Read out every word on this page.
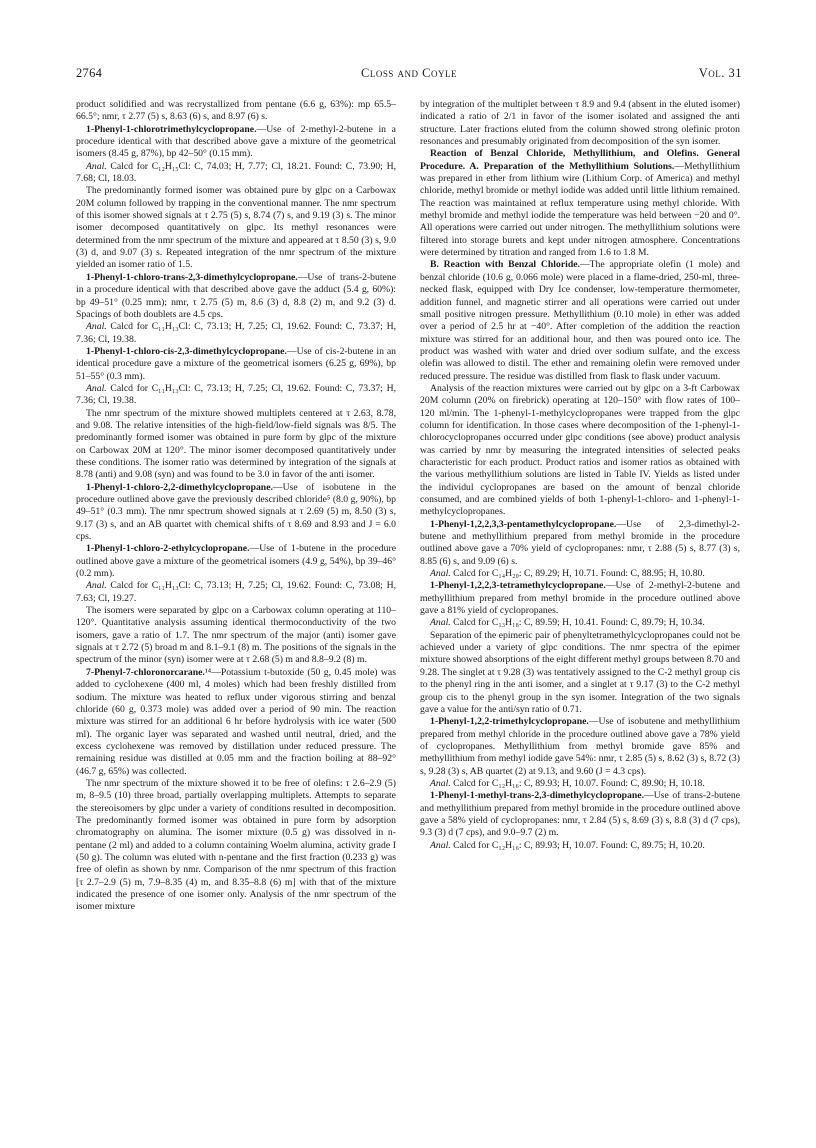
2764	Closs and Coyle	Vol. 31

product solidified and was recrystallized from pentane (6.6 g, 63%): mp 65.5–66.5°; nmr, τ 2.77 (5) s, 8.63 (6) s, and 8.97 (6) s.

1-Phenyl-1-chlorotrimethylcyclopropane.—Use of 2-methyl-2-butene in a procedure identical with that described above gave a mixture of the geometrical isomers (8.45 g, 87%), bp 42–50° (0.15 mm).

Anal. Calcd for C₁₂H₁₅Cl: C, 74.03; H, 7.77; Cl, 18.21. Found: C, 73.90; H, 7.68; Cl, 18.03.

The predominantly formed isomer was obtained pure by glpc on a Carbowax 20M column followed by trapping in the conventional manner. The nmr spectrum of this isomer showed signals at τ 2.75 (5) s, 8.74 (7) s, and 9.19 (3) s. The minor isomer decomposed quantitatively on glpc. Its methyl resonances were determined from the nmr spectrum of the mixture and appeared at τ 8.50 (3) s, 9.0 (3) d, and 9.07 (3) s. Repeated integration of the nmr spectrum of the mixture yielded an isomer ratio of 1.5.

1-Phenyl-1-chloro-trans-2,3-dimethylcyclopropane.—Use of trans-2-butene in a procedure identical with that described above gave the adduct (5.4 g, 60%): bp 49–51° (0.25 mm); nmr, τ 2.75 (5) m, 8.6 (3) d, 8.8 (2) m, and 9.2 (3) d. Spacings of both doublets are 4.5 cps.

Anal. Calcd for C₁₁H₁₃Cl: C, 73.13; H, 7.25; Cl, 19.62. Found: C, 73.37; H, 7.36; Cl, 19.38.

1-Phenyl-1-chloro-cis-2,3-dimethylcyclopropane.—Use of cis-2-butene in an identical procedure gave a mixture of the geometrical isomers (6.25 g, 69%), bp 51–55° (0.3 mm).

Anal. Calcd for C₁₁H₁₃Cl: C, 73.13; H, 7.25; Cl, 19.62. Found: C, 73.37; H, 7.36; Cl, 19.38.

The nmr spectrum of the mixture showed multiplets centered at τ 2.63, 8.78, and 9.08. The relative intensities of the high-field/low-field signals was 8/5. The predominantly formed isomer was obtained in pure form by glpc of the mixture on Carbowax 20M at 120°. The minor isomer decomposed quantitatively under these conditions. The isomer ratio was determined by integration of the signals at 8.78 (anti) and 9.08 (syn) and was found to be 3.0 in favor of the anti isomer.

1-Phenyl-1-chloro-2,2-dimethylcyclopropane.—Use of isobutene in the procedure outlined above gave the previously described chloride⁵ (8.0 g, 90%), bp 49–51° (0.3 mm). The nmr spectrum showed signals at τ 2.69 (5) m, 8.50 (3) s, 9.17 (3) s, and an AB quartet with chemical shifts of τ 8.69 and 8.93 and J = 6.0 cps.

1-Phenyl-1-chloro-2-ethylcyclopropane.—Use of 1-butene in the procedure outlined above gave a mixture of the geometrical isomers (4.9 g, 54%), bp 39–46° (0.2 mm).

Anal. Calcd for C₁₁H₁₃Cl: C, 73.13; H, 7.25; Cl, 19.62. Found: C, 73.08; H, 7.63; Cl, 19.27.

The isomers were separated by glpc on a Carbowax column operating at 110–120°. Quantitative analysis assuming identical thermoconductivity of the two isomers, gave a ratio of 1.7. The nmr spectrum of the major (anti) isomer gave signals at τ 2.72 (5) broad m and 8.1–9.1 (8) m. The positions of the signals in the spectrum of the minor (syn) isomer were at τ 2.68 (5) m and 8.8–9.2 (8) m.

7-Phenyl-7-chloronorcarane.¹⁴—Potassium t-butoxide (50 g, 0.45 mole) was added to cyclohexene (400 ml, 4 moles) which had been freshly distilled from sodium. The mixture was heated to reflux under vigorous stirring and benzal chloride (60 g, 0.373 mole) was added over a period of 90 min. The reaction mixture was stirred for an additional 6 hr before hydrolysis with ice water (500 ml). The organic layer was separated and washed until neutral, dried, and the excess cyclohexene was removed by distillation under reduced pressure. The remaining residue was distilled at 0.05 mm and the fraction boiling at 88–92° (46.7 g, 65%) was collected.

The nmr spectrum of the mixture showed it to be free of olefins: τ 2.6–2.9 (5) m, 8–9.5 (10) three broad, partially overlapping multiplets. Attempts to separate the stereoisomers by glpc under a variety of conditions resulted in decomposition. The predominantly formed isomer was obtained in pure form by adsorption chromatography on alumina. The isomer mixture (0.5 g) was dissolved in n-pentane (2 ml) and added to a column containing Woelm alumina, activity grade I (50 g). The column was eluted with n-pentane and the first fraction (0.233 g) was free of olefin as shown by nmr. Comparison of the nmr spectrum of this fraction [τ 2.7–2.9 (5) m, 7.9–8.35 (4) m, and 8.35–8.8 (6) m] with that of the mixture indicated the presence of one isomer only. Analysis of the nmr spectrum of the isomer mixture

by integration of the multiplet between τ 8.9 and 9.4 (absent in the eluted isomer) indicated a ratio of 2/1 in favor of the isomer isolated and assigned the anti structure. Later fractions eluted from the column showed strong olefinic proton resonances and presumably originated from decomposition of the syn isomer.

Reaction of Benzal Chloride, Methyllithium, and Olefins. General Procedure. A. Preparation of the Methyllithium Solutions.—Methyllithium was prepared in ether from lithium wire (Lithium Corp. of America) and methyl chloride, methyl bromide or methyl iodide was added until little lithium remained. The reaction was maintained at reflux temperature using methyl chloride. With methyl bromide and methyl iodide the temperature was held between −20 and 0°. All operations were carried out under nitrogen. The methyllithium solutions were filtered into storage burets and kept under nitrogen atmosphere. Concentrations were determined by titration and ranged from 1.6 to 1.8 M.

B. Reaction with Benzal Chloride.—The appropriate olefin (1 mole) and benzal chloride (10.6 g, 0.066 mole) were placed in a flame-dried, 250-ml, three-necked flask, equipped with Dry Ice condenser, low-temperature thermometer, addition funnel, and magnetic stirrer and all operations were carried out under small positive nitrogen pressure. Methyllithium (0.10 mole) in ether was added over a period of 2.5 hr at −40°. After completion of the addition the reaction mixture was stirred for an additional hour, and then was poured onto ice. The product was washed with water and dried over sodium sulfate, and the excess olefin was allowed to distil. The ether and remaining olefin were removed under reduced pressure. The residue was distilled from flask to flask under vacuum.

Analysis of the reaction mixtures were carried out by glpc on a 3-ft Carbowax 20M column (20% on firebrick) operating at 120–150° with flow rates of 100–120 ml/min. The 1-phenyl-1-methylcyclopropanes were trapped from the glpc column for identification. In those cases where decomposition of the 1-phenyl-1-chlorocyclopropanes occurred under glpc conditions (see above) product analysis was carried by nmr by measuring the integrated intensities of selected peaks characteristic for each product. Product ratios and isomer ratios as obtained with the various methyllithium solutions are listed in Table IV. Yields as listed under the individul cyclopropanes are based on the amount of benzal chloride consumed, and are combined yields of both 1-phenyl-1-chloro- and 1-phenyl-1-methylcyclopropanes.

1-Phenyl-1,2,2,3,3-pentamethylcyclopropane.—Use of 2,3-dimethyl-2-butene and methyllithium prepared from methyl bromide in the procedure outlined above gave a 70% yield of cyclopropanes: nmr, τ 2.88 (5) s, 8.77 (3) s, 8.85 (6) s, and 9.09 (6) s.

Anal. Calcd for C₁₄H₂₀: C, 89.29; H, 10.71. Found: C, 88.95; H, 10.80.

1-Phenyl-1,2,2,3-tetramethylcyclopropane.—Use of 2-methyl-2-butene and methyllithium prepared from methyl bromide in the procedure outlined above gave a 81% yield of cyclopropanes.

Anal. Calcd for C₁₃H₁₈: C, 89.59; H, 10.41. Found: C, 89.79; H, 10.34.

Separation of the epimeric pair of phenyltetramethylcyclopropanes could not be achieved under a variety of glpc conditions. The nmr spectra of the epimer mixture showed absorptions of the eight different methyl groups between 8.70 and 9.28. The singlet at τ 9.28 (3) was tentatively assigned to the C-2 methyl group cis to the phenyl ring in the anti isomer, and a singlet at τ 9.17 (3) to the C-2 methyl group cis to the phenyl group in the syn isomer. Integration of the two signals gave a value for the anti/syn ratio of 0.71.

1-Phenyl-1,2,2-trimethylcyclopropane.—Use of isobutene and methyllithium prepared from methyl chloride in the procedure outlined above gave a 78% yield of cyclopropanes. Methyllithium from methyl bromide gave 85% and methyllithium from methyl iodide gave 54%: nmr, τ 2.85 (5) s, 8.62 (3) s, 8.72 (3) s, 9.28 (3) s, AB quartet (2) at 9.13, and 9.60 (J = 4.3 cps).

Anal. Calcd for C₁₂H₁₆: C, 89.93; H, 10.07. Found: C, 89.90; H, 10.18.

1-Phenyl-1-methyl-trans-2,3-dimethylcyclopropane.—Use of trans-2-butene and methyllithium prepared from methyl bromide in the procedure outlined above gave a 58% yield of cyclopropanes: nmr, τ 2.84 (5) s, 8.69 (3) s, 8.8 (3) d (7 cps), 9.3 (3) d (7 cps), and 9.0–9.7 (2) m.

Anal. Calcd for C₁₂H₁₆: C, 89.93; H, 10.07. Found: C, 89.75; H, 10.20.
